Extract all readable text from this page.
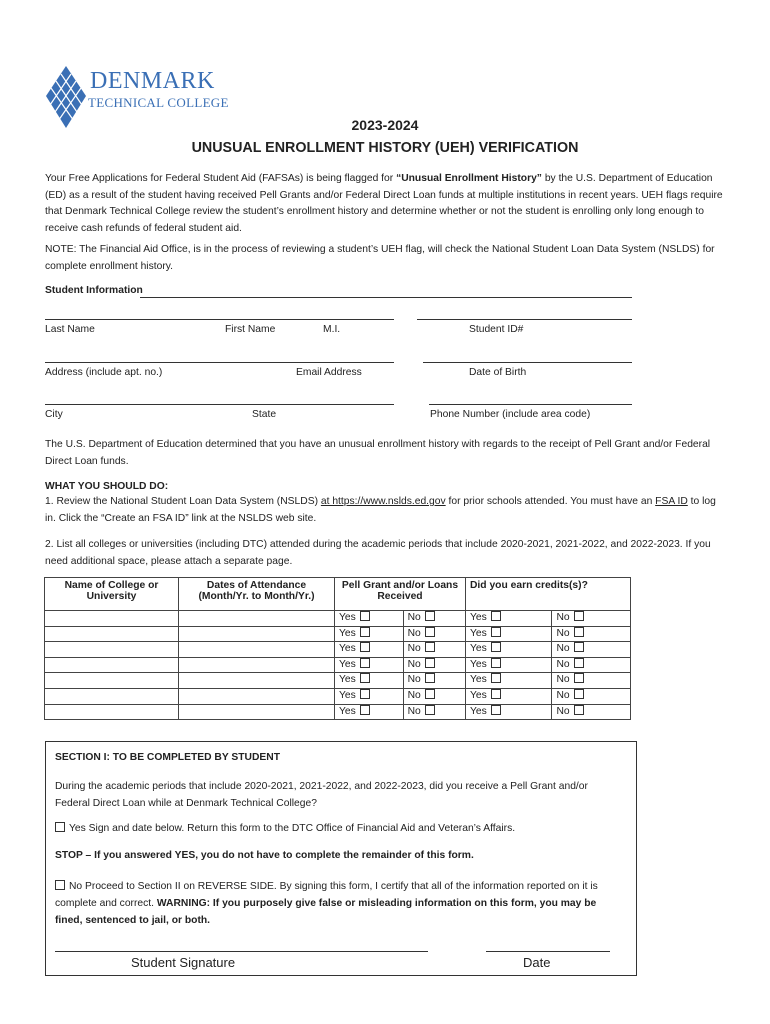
DENMARK
TECHNICAL COLLEGE
2023-2024
UNUSUAL ENROLLMENT HISTORY (UEH) VERIFICATION
Your Free Applications for Federal Student Aid (FAFSAs) is being flagged for “Unusual Enrollment History” by the U.S. Department of Education (ED) as a result of the student having received Pell Grants and/or Federal Direct Loan funds at multiple institutions in recent years. UEH flags require that Denmark Technical College review the student’s enrollment history and determine whether or not the student is enrolling only long enough to receive cash refunds of federal student aid.
NOTE: The Financial Aid Office, is in the process of reviewing a student’s UEH flag, will check the National Student Loan Data System (NSLDS) for complete enrollment history.
Student Information
Last Name	First Name	M.I.	Student ID#
Address (include apt. no.)	Email Address	Date of Birth
City	State	Phone Number (include area code)
The U.S. Department of Education determined that you have an unusual enrollment history with regards to the receipt of Pell Grant and/or Federal Direct Loan funds.
WHAT YOU SHOULD DO:
1. Review the National Student Loan Data System (NSLDS) at https://www.nslds.ed.gov for prior schools attended. You must have an FSA ID to log in. Click the “Create an FSA ID” link at the NSLDS web site.
2. List all colleges or universities (including DTC) attended during the academic periods that include 2020-2021, 2021-2022, and 2022-2023. If you need additional space, please attach a separate page.
Name of College or University	Dates of Attendance (Month/Yr. to Month/Yr.)	Pell Grant and/or Loans Received		Did you earn credits(s)?	
		Yes	No	Yes	No
		Yes	No	Yes	No
		Yes	No	Yes	No
		Yes	No	Yes	No
		Yes	No	Yes	No
		Yes	No	Yes	No
		Yes	No	Yes	No
SECTION I: TO BE COMPLETED BY STUDENT
During the academic periods that include 2020-2021, 2021-2022, and 2022-2023, did you receive a Pell Grant and/or Federal Direct Loan while at Denmark Technical College?
Yes Sign and date below. Return this form to the DTC Office of Financial Aid and Veteran’s Affairs.
STOP – If you answered YES, you do not have to complete the remainder of this form.
No Proceed to Section II on REVERSE SIDE. By signing this form, I certify that all of the information reported on it is complete and correct. WARNING: If you purposely give false or misleading information on this form, you may be fined, sentenced to jail, or both.
Student Signature	Date
